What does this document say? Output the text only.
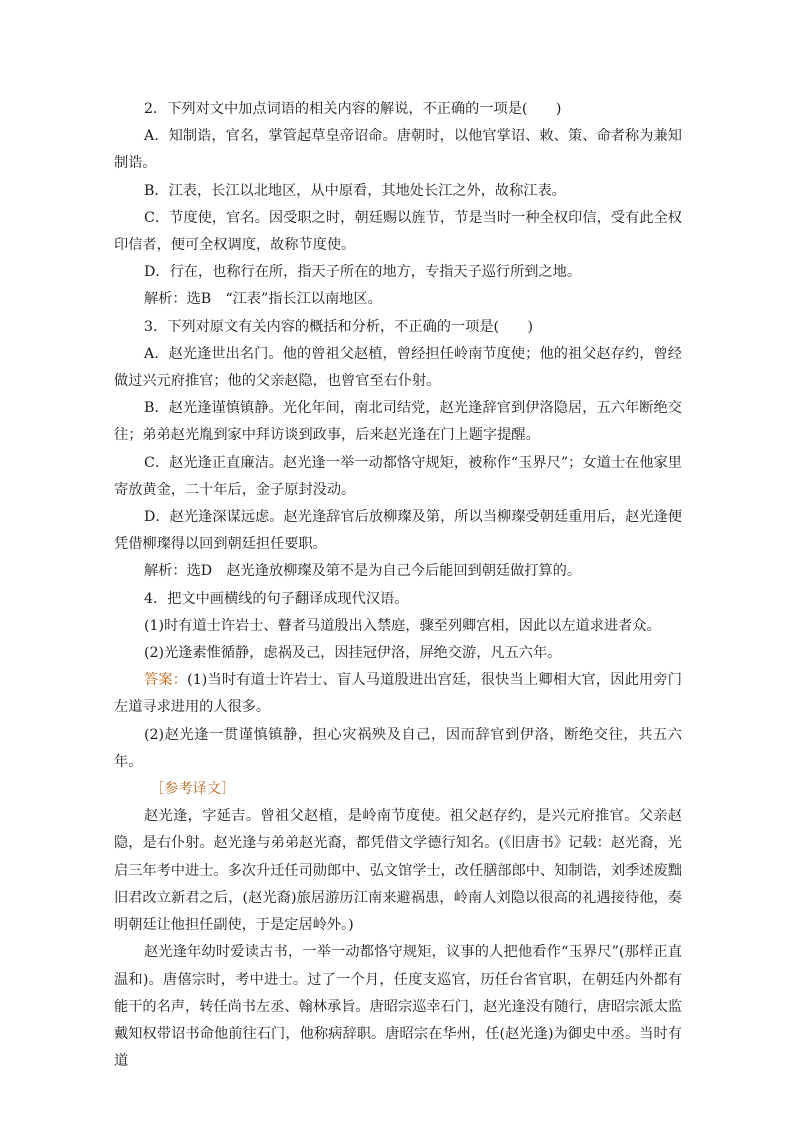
2．下列对文中加点词语的相关内容的解说，不正确的一项是(　　)

A．知制诰，官名，掌管起草皇帝诏命。唐朝时，以他官掌诏、敕、策、命者称为兼知制诰。

B．江表，长江以北地区，从中原看，其地处长江之外，故称江表。

C．节度使，官名。因受职之时，朝廷赐以旌节，节是当时一种全权印信，受有此全权印信者，便可全权调度，故称节度使。

D．行在，也称行在所，指天子所在的地方，专指天子巡行所到之地。

解析：选B　“江表”指长江以南地区。

3．下列对原文有关内容的概括和分析，不正确的一项是(　　)

A．赵光逢世出名门。他的曾祖父赵植，曾经担任岭南节度使；他的祖父赵存约，曾经做过兴元府推官；他的父亲赵隐，也曾官至右仆射。

B．赵光逢谨慎镇静。光化年间，南北司结党，赵光逢辞官到伊洛隐居，五六年断绝交往；弟弟赵光胤到家中拜访谈到政事，后来赵光逢在门上题字提醒。

C．赵光逢正直廉洁。赵光逢一举一动都恪守规矩，被称作“玉界尺”；女道士在他家里寄放黄金，二十年后，金子原封没动。

D．赵光逢深谋远虑。赵光逢辞官后放柳璨及第，所以当柳璨受朝廷重用后，赵光逢便凭借柳璨得以回到朝廷担任要职。

解析：选D　赵光逢放柳璨及第不是为自己今后能回到朝廷做打算的。

4．把文中画横线的句子翻译成现代汉语。

(1)时有道士许岩士、瞽者马道殷出入禁庭，骤至列卿宫相，因此以左道求进者众。

(2)光逢素惟循静，虑祸及己，因挂冠伊洛，屏绝交游，凡五六年。

答案：(1)当时有道士许岩士、盲人马道殷进出宫廷，很快当上卿相大官，因此用旁门左道寻求进用的人很多。

(2)赵光逢一贯谨慎镇静，担心灾祸殃及自己，因而辞官到伊洛，断绝交往，共五六年。

［参考译文］

赵光逢，字延吉。曾祖父赵植，是岭南节度使。祖父赵存约，是兴元府推官。父亲赵隐，是右仆射。赵光逢与弟弟赵光裔，都凭借文学德行知名。(《旧唐书》记载：赵光裔，光启三年考中进士。多次升迁任司勋郎中、弘文馆学士，改任膳部郎中、知制诰，刘季述废黜旧君改立新君之后，(赵光裔)旅居游历江南来避祸患，岭南人刘隐以很高的礼遇接待他，奏明朝廷让他担任副使，于是定居岭外。)

赵光逢年幼时爱读古书，一举一动都恪守规矩，议事的人把他看作“玉界尺”(那样正直温和)。唐僖宗时，考中进士。过了一个月，任度支巡官，历任台省官职，在朝廷内外都有能干的名声，转任尚书左丞、翰林承旨。唐昭宗巡幸石门，赵光逢没有随行，唐昭宗派太监戴知权带诏书命他前往石门，他称病辞职。唐昭宗在华州，任(赵光逢)为御史中丞。当时有道
